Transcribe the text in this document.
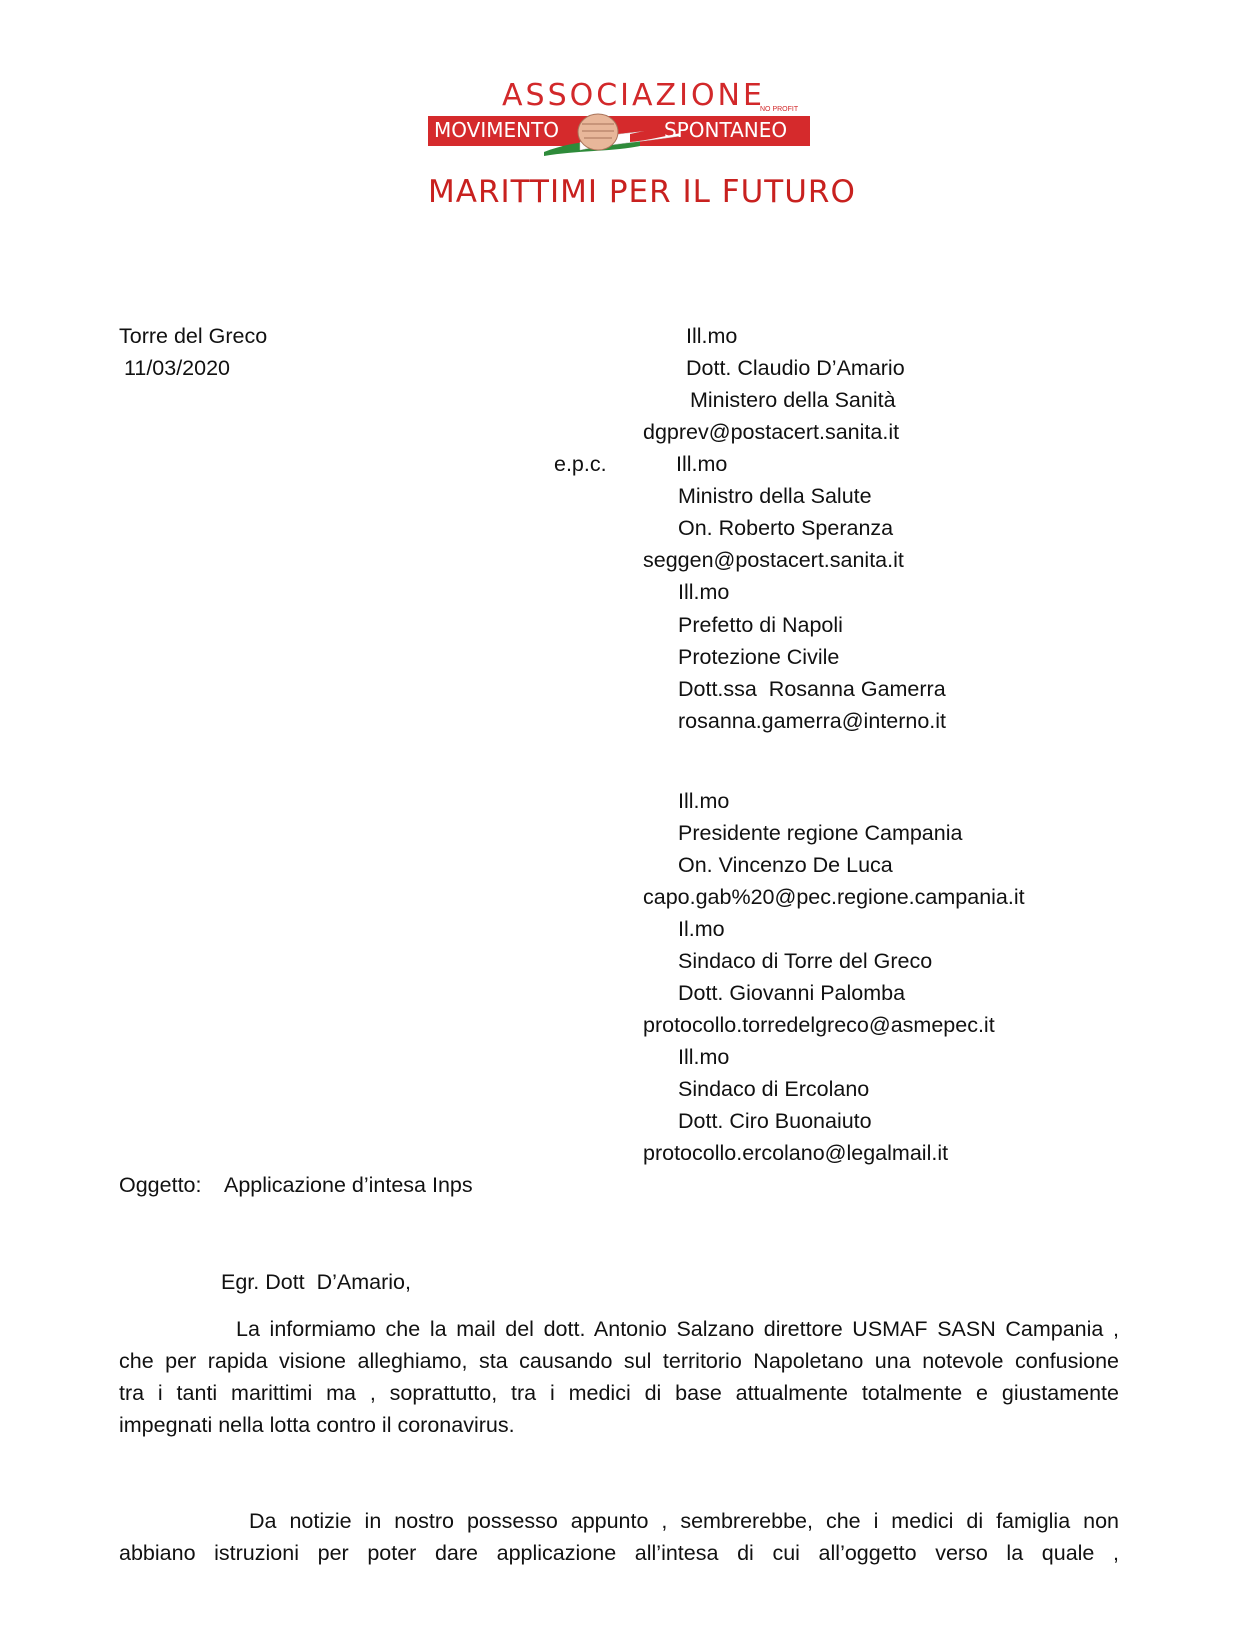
ASSOCIAZIONE
NO PROFIT
MOVIMENTO	SPONTANEO
MARITTIMI PER IL FUTURO
Torre del Greco
11/03/2020
Ill.mo
Dott. Claudio D’Amario
Ministero della Sanità
dgprev@postacert.sanita.it
e.p.c.	Ill.mo
Ministro della Salute
On. Roberto Speranza
seggen@postacert.sanita.it
Ill.mo
Prefetto di Napoli
Protezione Civile
Dott.ssa  Rosanna Gamerra
rosanna.gamerra@interno.it
Ill.mo
Presidente regione Campania
On. Vincenzo De Luca
capo.gab%20@pec.regione.campania.it
Il.mo
Sindaco di Torre del Greco
Dott. Giovanni Palomba
protocollo.torredelgreco@asmepec.it
Ill.mo
Sindaco di Ercolano
Dott. Ciro Buonaiuto
protocollo.ercolano@legalmail.it
Oggetto: Applicazione d’intesa Inps
Egr. Dott  D’Amario,
La informiamo che la mail del dott. Antonio Salzano direttore USMAF SASN Campania ,
che per rapida visione alleghiamo, sta causando sul territorio Napoletano una notevole confusione
tra i tanti marittimi ma , soprattutto, tra i medici di base attualmente totalmente e giustamente
impegnati nella lotta contro il coronavirus.
Da notizie in nostro possesso appunto , sembrerebbe, che i medici di famiglia non
abbiano istruzioni per poter dare applicazione all’intesa di cui all’oggetto verso la quale ,
